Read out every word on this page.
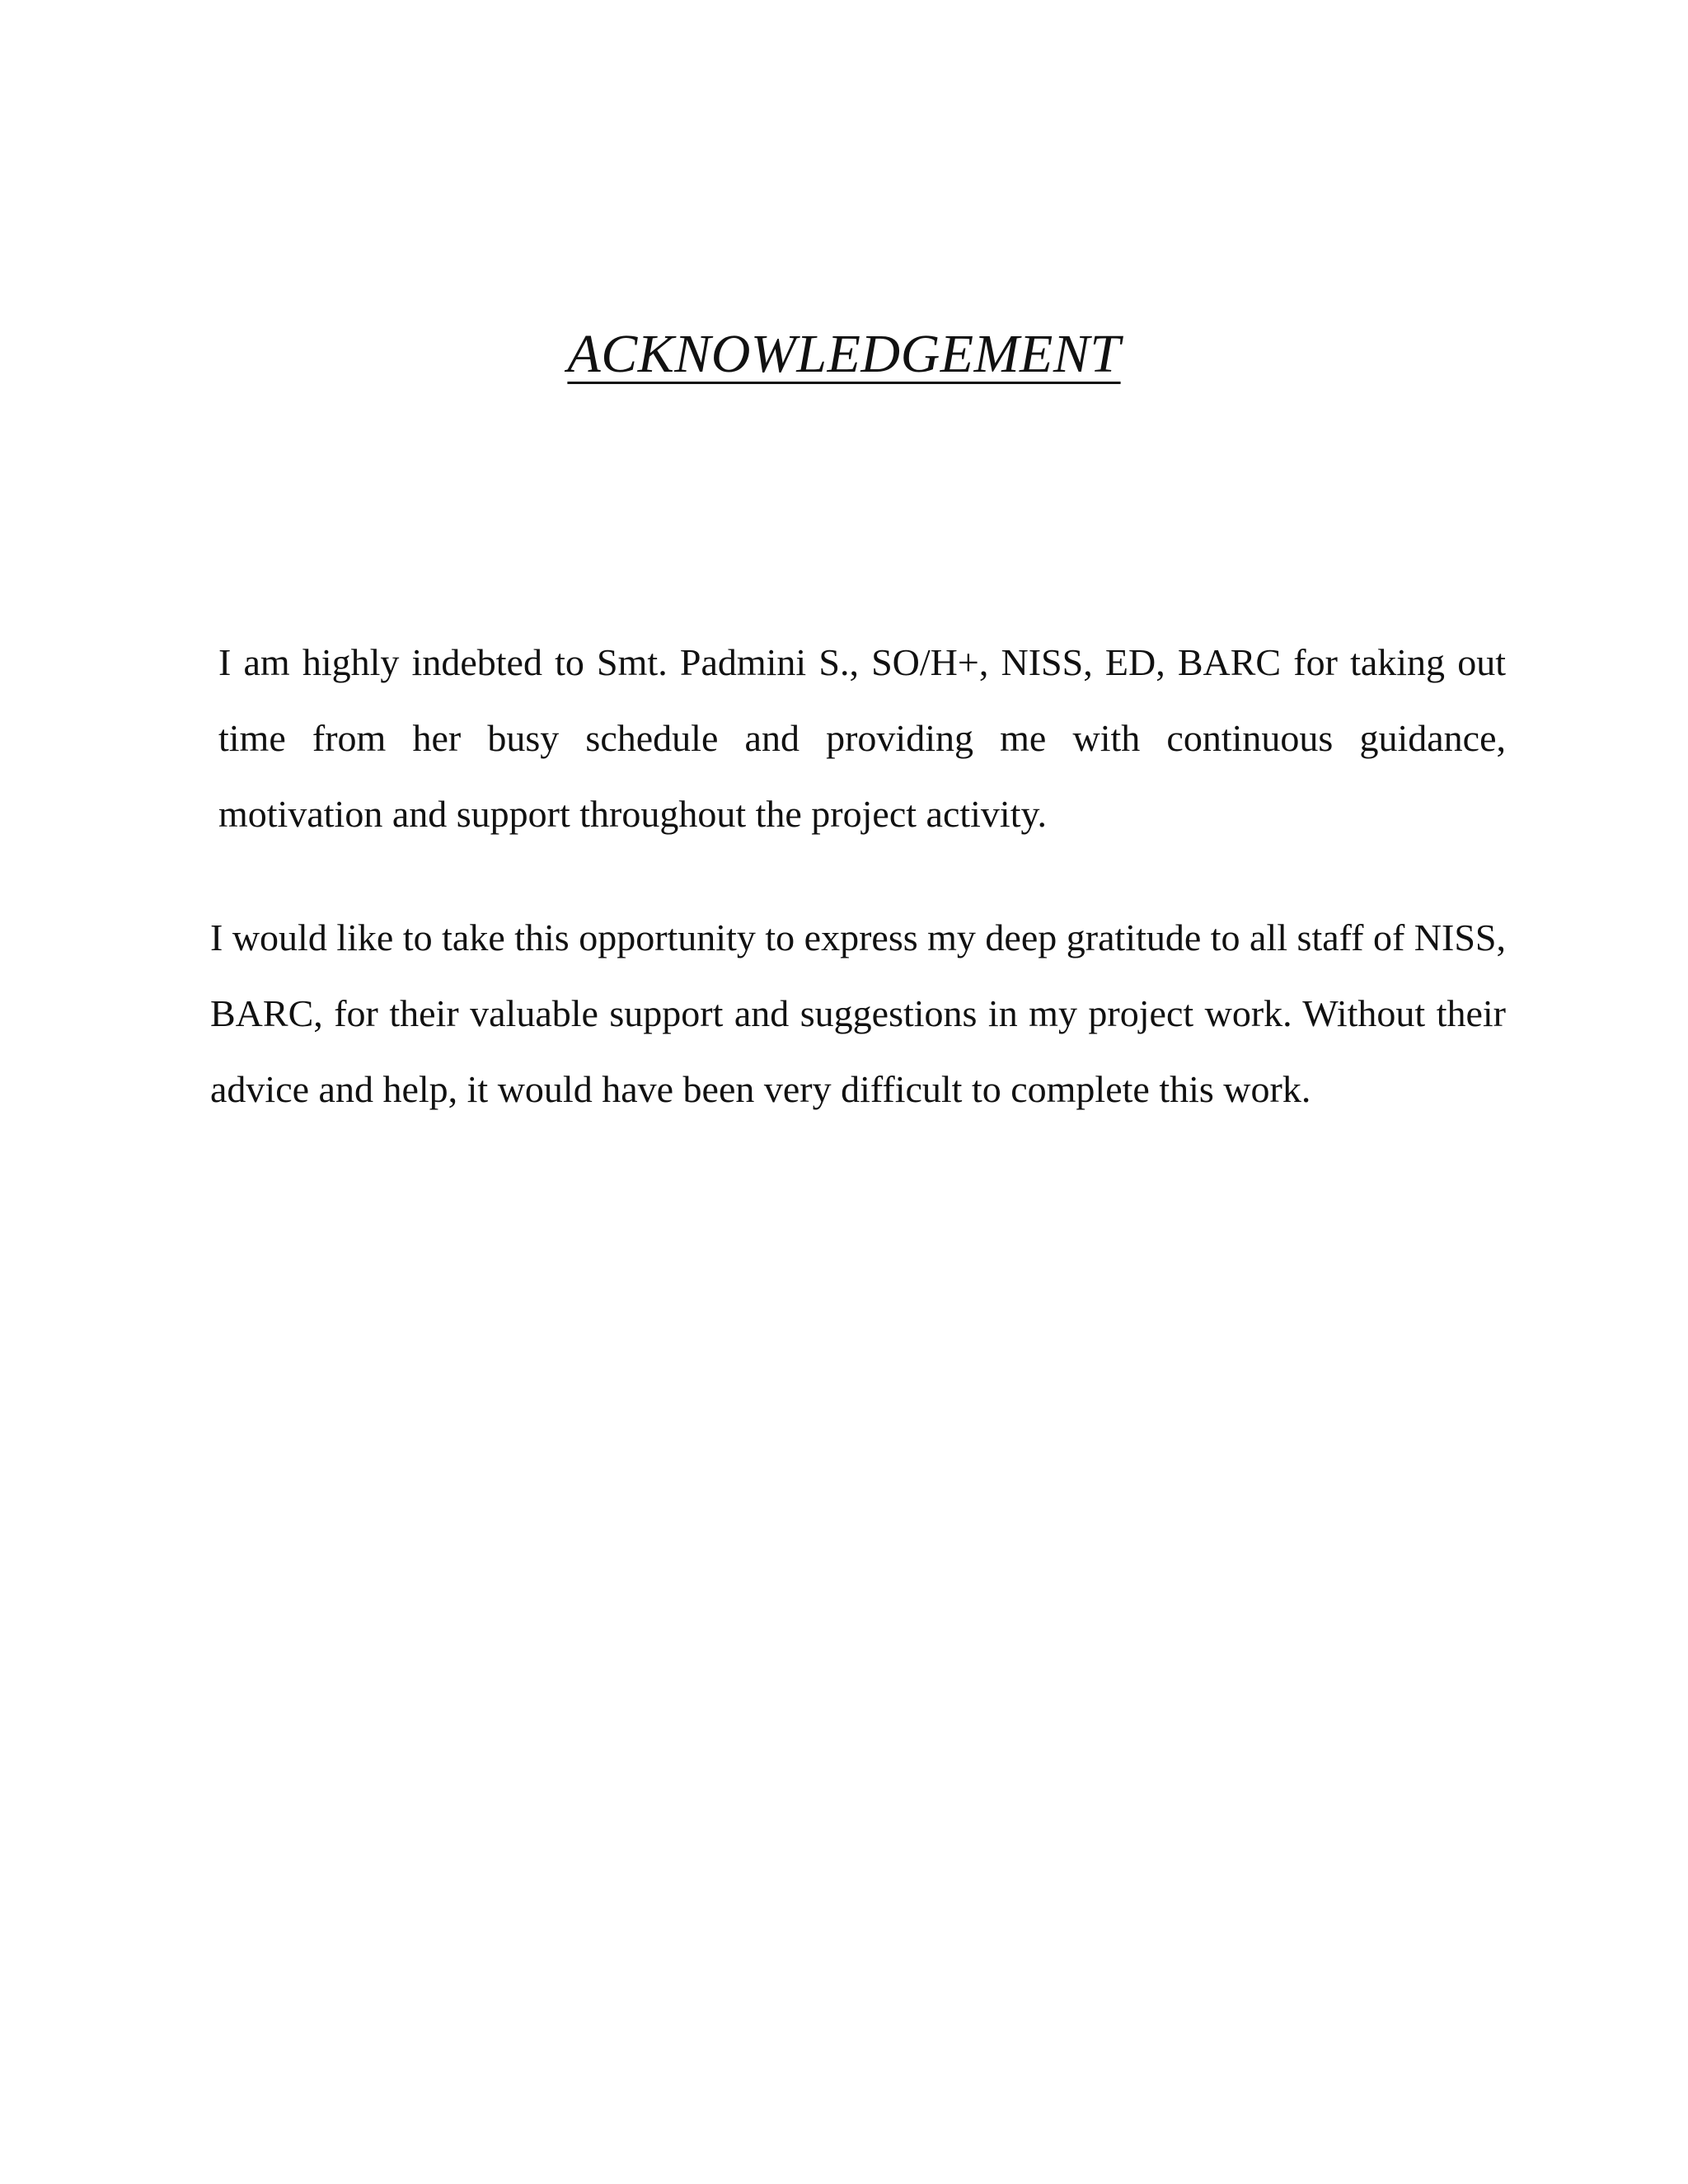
ACKNOWLEDGEMENT

I am highly indebted to Smt. Padmini S., SO/H+, NISS, ED, BARC for taking out time from her busy schedule and providing me with continuous guidance, motivation and support throughout the project activity.

I would like to take this opportunity to express my deep gratitude to all staff of NISS, BARC, for their valuable support and suggestions in my project work. Without their advice and help, it would have been very difficult to complete this work.
